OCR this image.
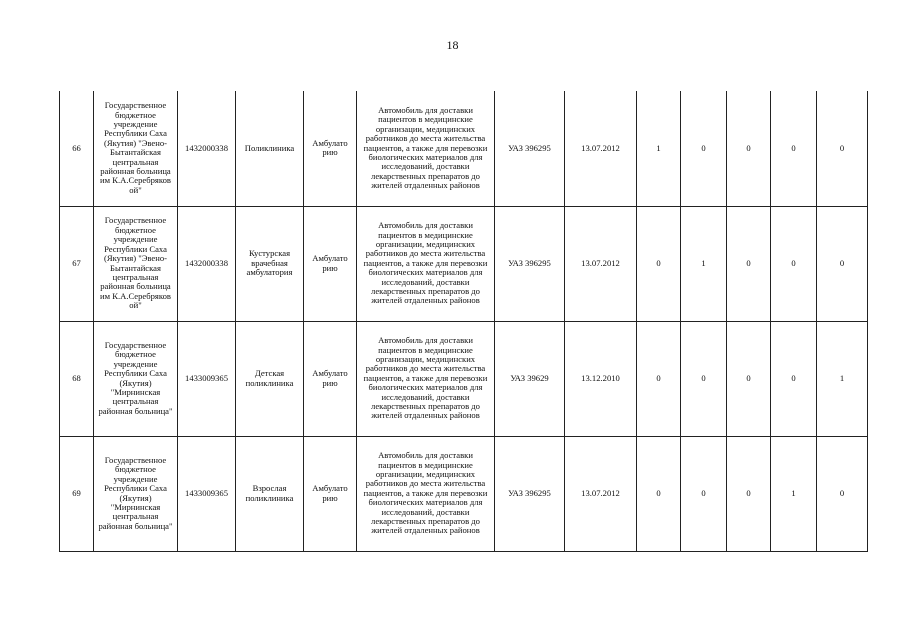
18
66	Государственное бюджетное учреждение Республики Саха (Якутия) "Эвено-Бытантайская центральная районная больница им К.А.Серебряков ой"	1432000338	Поликлиника	Амбулато рию	Автомобиль для доставки пациентов в медицинские организации, медицинских работников до места жительства пациентов, а также для перевозки биологических материалов для исследований, доставки лекарственных препаратов до жителей отдаленных районов	УАЗ 396295	13.07.2012	1	0	0	0	0
67	Государственное бюджетное учреждение Республики Саха (Якутия) "Эвено-Бытантайская центральная районная больница им К.А.Серебряков ой"	1432000338	Кустурская врачебная амбулатория	Амбулато рию	Автомобиль для доставки пациентов в медицинские организации, медицинских работников до места жительства пациентов, а также для перевозки биологических материалов для исследований, доставки лекарственных препаратов до жителей отдаленных районов	УАЗ 396295	13.07.2012	0	1	0	0	0
68	Государственное бюджетное учреждение Республики Саха (Якутия) "Мирнинская центральная районная больница"	1433009365	Детская поликлиника	Амбулато рию	Автомобиль для доставки пациентов в медицинские организации, медицинских работников до места жительства пациентов, а также для перевозки биологических материалов для исследований, доставки лекарственных препаратов до жителей отдаленных районов	УАЗ 39629	13.12.2010	0	0	0	0	1
69	Государственное бюджетное учреждение Республики Саха (Якутия) "Мирнинская центральная районная больница"	1433009365	Взрослая поликлиника	Амбулато рию	Автомобиль для доставки пациентов в медицинские организации, медицинских работников до места жительства пациентов, а также для перевозки биологических материалов для исследований, доставки лекарственных препаратов до жителей отдаленных районов	УАЗ 396295	13.07.2012	0	0	0	1	0
